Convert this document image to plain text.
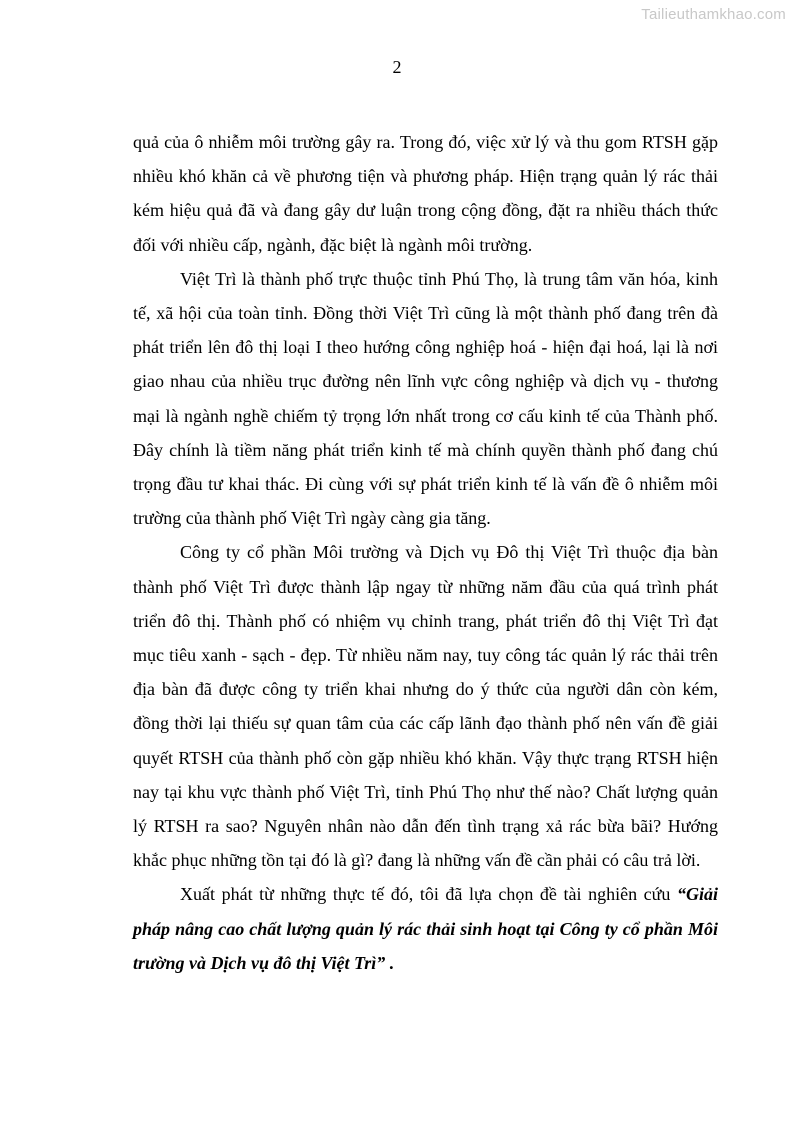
Tailieuthamkhao.com
2

quả của ô nhiễm môi trường gây ra. Trong đó, việc xử lý và thu gom RTSH gặp nhiều khó khăn cả về phương tiện và phương pháp. Hiện trạng quản lý rác thải kém hiệu quả đã và đang gây dư luận trong cộng đồng, đặt ra nhiều thách thức đối với nhiều cấp, ngành, đặc biệt là ngành môi trường.

Việt Trì là thành phố trực thuộc tỉnh Phú Thọ, là trung tâm văn hóa, kinh tế, xã hội của toàn tỉnh. Đồng thời Việt Trì cũng là một thành phố đang trên đà phát triển lên đô thị loại I theo hướng công nghiệp hoá - hiện đại hoá, lại là nơi giao nhau của nhiều trục đường nên lĩnh vực công nghiệp và dịch vụ - thương mại là ngành nghề chiếm tỷ trọng lớn nhất trong cơ cấu kinh tế của Thành phố. Đây chính là tiềm năng phát triển kinh tế mà chính quyền thành phố đang chú trọng đầu tư khai thác. Đi cùng với sự phát triển kinh tế là vấn đề ô nhiễm môi trường của thành phố Việt Trì ngày càng gia tăng.

Công ty cổ phần Môi trường và Dịch vụ Đô thị Việt Trì thuộc địa bàn thành phố Việt Trì được thành lập ngay từ những năm đầu của quá trình phát triển đô thị. Thành phố có nhiệm vụ chỉnh trang, phát triển đô thị Việt Trì đạt mục tiêu xanh - sạch - đẹp. Từ nhiều năm nay, tuy công tác quản lý rác thải trên địa bàn đã được công ty triển khai nhưng do ý thức của người dân còn kém, đồng thời lại thiếu sự quan tâm của các cấp lãnh đạo thành phố nên vấn đề giải quyết RTSH của thành phố còn gặp nhiều khó khăn. Vậy thực trạng RTSH hiện nay tại khu vực thành phố Việt Trì, tỉnh Phú Thọ như thế nào? Chất lượng quản lý RTSH ra sao? Nguyên nhân nào dẫn đến tình trạng xả rác bừa bãi? Hướng khắc phục những tồn tại đó là gì? đang là những vấn đề cần phải có câu trả lời.

Xuất phát từ những thực tế đó, tôi đã lựa chọn đề tài nghiên cứu “Giải pháp nâng cao chất lượng quản lý rác thải sinh hoạt tại Công ty cổ phần Môi trường và Dịch vụ đô thị Việt Trì” .
